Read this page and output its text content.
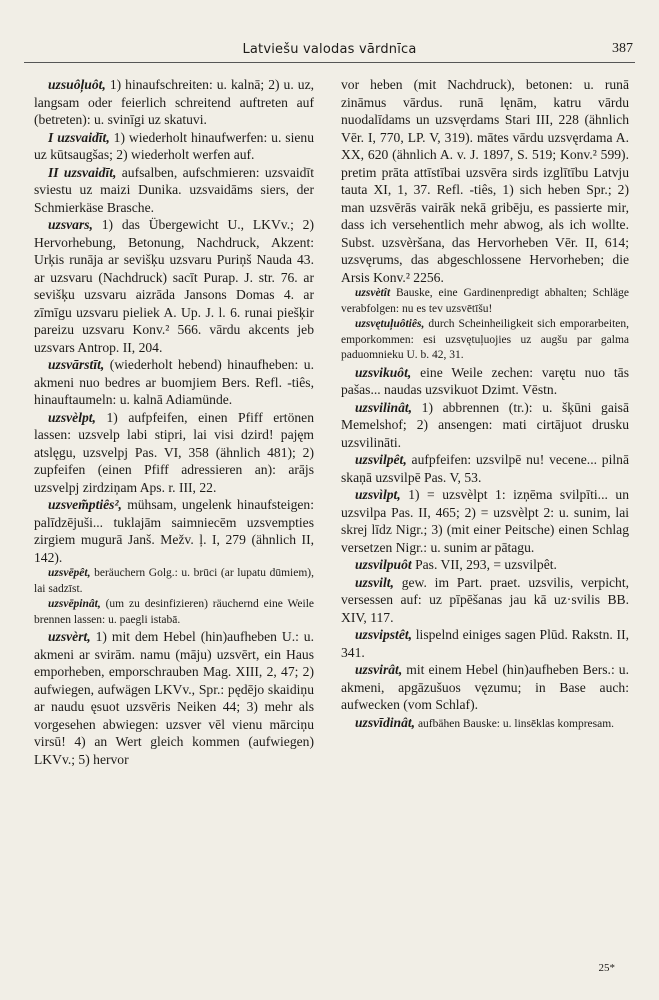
Latviešu valodas vārdnīca	387

uzsuôļuôt, 1) hinaufschreiten: u. kalnā; 2) u. uz, langsam oder feierlich schreitend auftreten auf (betreten): u. svinīgi uz skatuvi.

I uzsvaidīt, 1) wiederholt hinaufwerfen: u. sienu uz kūtsaugšas; 2) wiederholt werfen auf.

II uzsvaidīt, aufsalben, aufschmieren: uzsvaidīt sviestu uz maizi Dunika. uzsvaidāms siers, der Schmierkäse Brasche.

uzsvars, 1) das Übergewicht U., LKVv.; 2) Hervorhebung, Betonung, Nachdruck, Akzent: Urķis runāja ar sevišķu uzsvaru Puriņš Nauda 43. ar uzsvaru (Nachdruck) sacīt Purap. J. str. 76. ar sevišķu uzsvaru aizrāda Jansons Domas 4. ar zīmīgu uzsvaru pieliek A. Up. J. l. 6. runai piešķir pareizu uzsvaru Konv.² 566. vārdu akcents jeb uzsvars Antrop. II, 204.

uzsvārstīt, (wiederholt hebend) hinaufheben: u. akmeni nuo bedres ar buomjiem Bers. Refl. -tiês, hinauftaumeln: u. kalnā Adiamünde.

uzsvèlpt, 1) aufpfeifen, einen Pfiff ertönen lassen: uzsvelp labi stipri, lai visi dzird! pajęm atslęgu, uzsvelpj Pas. VI, 358 (ähnlich 481); 2) zupfeifen (einen Pfiff adressieren an): arājs uzsvelpj zirdziņam Aps. r. III, 22.

uzsvem̃ptiês², mühsam, ungelenk hinaufsteigen: palīdzējuši... tuklajām saimniecēm uzsvempties zirgiem mugurā Janš. Mežv. ļ. I, 279 (ähnlich II, 142).

uzsvēpêt, beräuchern Golg.: u. brūci (ar lupatu dūmiem), lai sadzīst.

uzsvēpinât, (um zu desinfizieren) räuchernd eine Weile brennen lassen: u. paegli istabā.

uzsvèrt, 1) mit dem Hebel (hin)aufheben U.: u. akmeni ar svirām. namu (māju) uzsvērt, ein Haus emporheben, emporschrauben Mag. XIII, 2, 47; 2) aufwiegen, aufwägen LKVv., Spr.: pędējo skaidiņu ar naudu ęsuot uzsvēris Neiken 44; 3) mehr als vorgesehen abwiegen: uzsver vēl vienu mārciņu virsū! 4) an Wert gleich kommen (aufwiegen) LKVv.; 5) hervor

vor heben (mit Nachdruck), betonen: u. runā zināmus vārdus. runā lęnām, katru vārdu nuodalīdams un uzsvęrdams Stari III, 228 (ähnlich Vēr. I, 770, LP. V, 319). mātes vārdu uzsvęrdama A. XX, 620 (ähnlich A. v. J. 1897, S. 519; Konv.² 599). pretim prāta attīstībai uzsvēra sirds izglītību Latvju tauta XI, 1, 37. Refl. -tiês, 1) sich heben Spr.; 2) man uzsvērās vairāk nekā gribēju, es passierte mir, dass ich versehentlich mehr abwog, als ich wollte. Subst. uzsvèršana, das Hervorheben Vēr. II, 614; uzsvęrums, das abgeschlossene Hervorheben; die Arsis Konv.² 2256.

uzsvètît Bauske, eine Gardinenpredigt abhalten; Schläge verabfolgen: nu es tev uzsvētīšu!

uzsvętuļuôtiês, durch Scheinheiligkeit sich emporarbeiten, emporkommen: esi uzsvętuļuojies uz augšu par galma paduomnieku U. b. 42, 31.

uzsvikuôt, eine Weile zechen: varętu nuo tās pašas... naudas uzsvikuot Dzimt. Vēstn.

uzsvilinât, 1) abbrennen (tr.): u. šķūni gaisā Memelshof; 2) ansengen: mati cirtājuot drusku uzsvilināti.

uzsvilpêt, aufpfeifen: uzsvilpē nu! vecene... pilnā skaņā uzsvilpē Pas. V, 53.

uzsvìlpt, 1) = uzsvèlpt 1: izņēma svilpīti... un uzsvilpa Pas. II, 465; 2) = uzsvèlpt 2: u. sunim, lai skrej līdz Nigr.; 3) (mit einer Peitsche) einen Schlag versetzen Nigr.: u. sunim ar pātagu.

uzsvilpuôt Pas. VII, 293, = uzsvilpêt.

uzsvilt, gew. im Part. praet. uzsvilis, verpicht, versessen auf: uz pīpēšanas jau kā uz·svilis BB. XIV, 117.

uzsvipstêt, lispelnd einiges sagen Plūd. Rakstn. II, 341.

uzsvirât, mit einem Hebel (hin)aufheben Bers.: u. akmeni, apgāzušuos vęzumu; in Base auch: aufwecken (vom Schlaf).

uzsvīdinât, aufbähen Bauske: u. linsēklas kompresam.

25*
